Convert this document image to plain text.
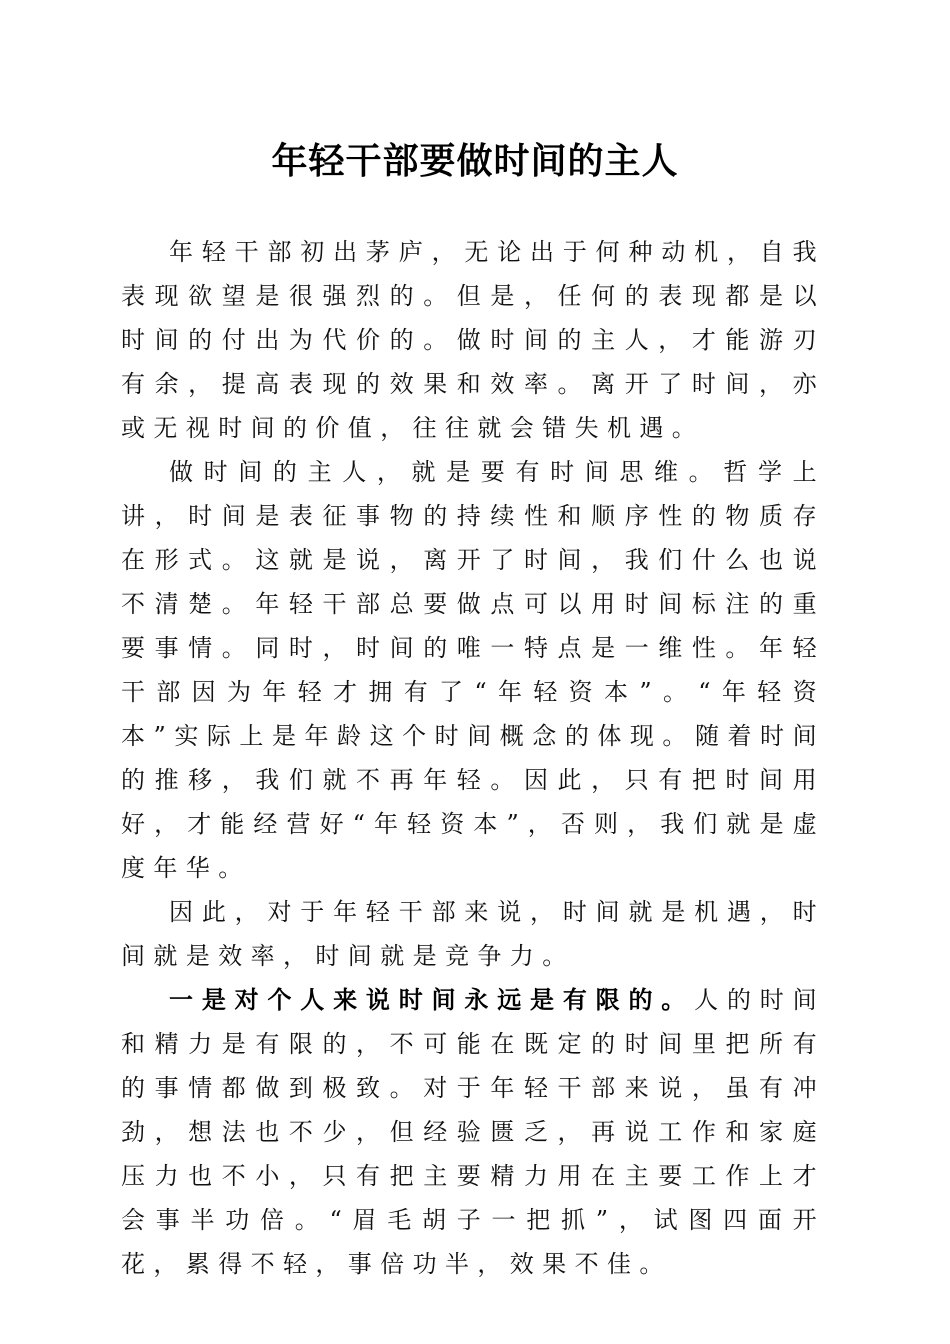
年轻干部要做时间的主人

年轻干部初出茅庐，无论出于何种动机，自我表现欲望是很强烈的。但是，任何的表现都是以时间的付出为代价的。做时间的主人，才能游刃有余，提高表现的效果和效率。离开了时间，亦或无视时间的价值，往往就会错失机遇。

做时间的主人，就是要有时间思维。哲学上讲，时间是表征事物的持续性和顺序性的物质存在形式。这就是说，离开了时间，我们什么也说不清楚。年轻干部总要做点可以用时间标注的重要事情。同时，时间的唯一特点是一维性。年轻干部因为年轻才拥有了“年轻资本”。“年轻资本”实际上是年龄这个时间概念的体现。随着时间的推移，我们就不再年轻。因此，只有把时间用好，才能经营好“年轻资本”，否则，我们就是虚度年华。

因此，对于年轻干部来说，时间就是机遇，时间就是效率，时间就是竞争力。

一是对个人来说时间永远是有限的。人的时间和精力是有限的，不可能在既定的时间里把所有的事情都做到极致。对于年轻干部来说，虽有冲劲，想法也不少，但经验匮乏，再说工作和家庭压力也不小，只有把主要精力用在主要工作上才会事半功倍。“眉毛胡子一把抓”，试图四面开花，累得不轻，事倍功半，效果不佳。
